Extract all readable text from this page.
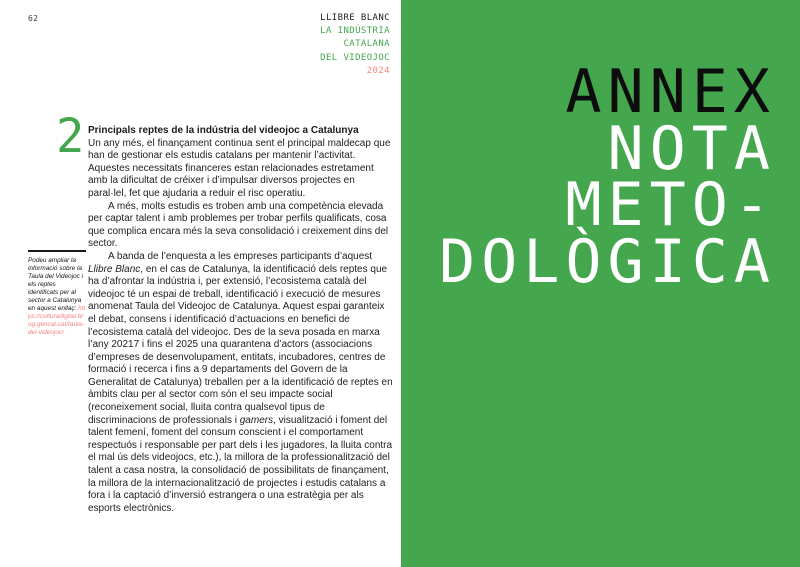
62	LLIBRE BLANC
LA INDÚSTRIA
CATALANA
DEL VIDEOJOC
2024
2
Podeu ampliar la informació sobre la Taula del Videojoc i els reptes identificats per al sector a Catalunya en aquest enllaç: https://culturadigital.blog.gencat.cat/taula-del-videojoc/
Principals reptes de la indústria del videojoc a Catalunya

Un any més, el finançament continua sent el principal maldecap que han de gestionar els estudis catalans per mantenir l’activitat. Aquestes necessitats financeres estan relacionades estretament amb la dificultat de créixer i d’impulsar diversos projectes en paral·lel, fet que ajudaria a reduir el risc operatiu.

A més, molts estudis es troben amb una competència elevada per captar talent i amb problemes per trobar perfils qualificats, cosa que complica encara més la seva consolidació i creixement dins del sector.

A banda de l’enquesta a les empreses participants d’aquest Llibre Blanc, en el cas de Catalunya, la identificació dels reptes que ha d’afrontar la indústria i, per extensió, l’ecosistema català del videojoc té un espai de treball, identificació i execució de mesures anomenat Taula del Videojoc de Catalunya. Aquest espai garanteix el debat, consens i identificació d’actuacions en benefici de l’ecosistema català del videojoc. Des de la seva posada en marxa l’any 20217 i fins el 2025 una quarantena d’actors (associacions d’empreses de desenvolupament, entitats, incubadores, centres de formació i recerca i fins a 9 departaments del Govern de la Generalitat de Catalunya) treballen per a la identificació de reptes en àmbits clau per al sector com són el seu impacte social (reconeixement social, lluita contra qualsevol tipus de discriminacions de professionals i gamers, visualització i foment del talent femení, foment del consum conscient i el comportament respectuós i responsable per part dels i les jugadores, la lluita contra el mal ús dels videojocs, etc.), la millora de la professionalització del talent a casa nostra, la consolidació de possibilitats de finançament, la millora de la internacionalització de projectes i estudis catalans a fora i la captació d’inversió estrangera o una estratègia per als esports electrònics.

ANNEX
NOTA
METO-
DOLÒGICA
